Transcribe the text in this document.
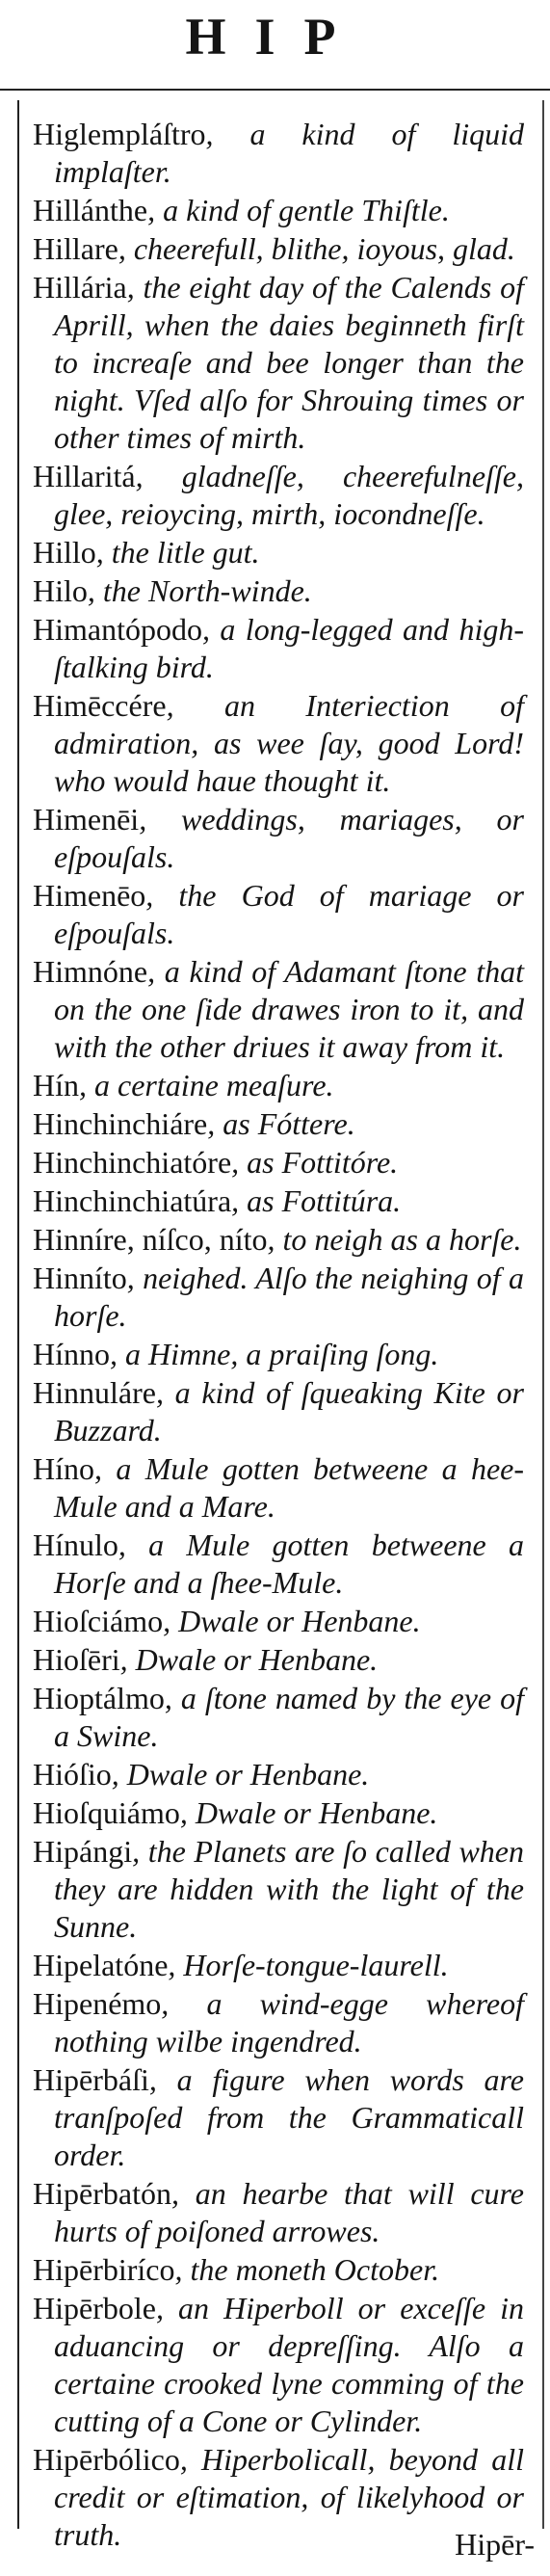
HIP
Higlempláſtro, a kind of liquid implaſter.
Hillánthe, a kind of gentle Thiſtle.
Hillare, cheerefull, blithe, ioyous, glad.
Hillária, the eight day of the Calends of Aprill, when the daies beginneth firſt to increaſe and bee longer than the night. Vſed alſo for Shrouing times or other times of mirth.
Hillaritá, gladneſſe, cheerefulneſſe, glee, reioycing, mirth, iocondneſſe.
Hillo, the litle gut.
Hilo, the North-winde.
Himantópodo, a long-legged and high-ſtalking bird.
Himēccére, an Interiection of admiration, as wee ſay, good Lord! who would haue thought it.
Himenēi, weddings, mariages, or eſpouſals.
Himenēo, the God of mariage or eſpouſals.
Himnóne, a kind of Adamant ſtone that on the one ſide drawes iron to it, and with the other driues it away from it.
Hín, a certaine meaſure.
Hinchinchiáre, as Fóttere.
Hinchinchiatóre, as Fottitóre.
Hinchinchiatúra, as Fottitúra.
Hinníre, níſco, níto, to neigh as a horſe.
Hinníto, neighed. Alſo the neighing of a horſe.
Hínno, a Himne, a praiſing ſong.
Hinnuláre, a kind of ſqueaking Kite or Buzzard.
Híno, a Mule gotten betweene a hee-Mule and a Mare.
Hínulo, a Mule gotten betweene a Horſe and a ſhee-Mule.
Hioſciámo, Dwale or Henbane.
Hioſēri, Dwale or Henbane.
Hioptálmo, a ſtone named by the eye of a Swine.
Hióſio, Dwale or Henbane.
Hioſquiámo, Dwale or Henbane.
Hipángi, the Planets are ſo called when they are hidden with the light of the Sunne.
Hipelatóne, Horſe-tongue-laurell.
Hipenémo, a wind-egge whereof nothing wilbe ingendred.
Hipērbáſi, a figure when words are tranſpoſed from the Grammaticall order.
Hipērbatón, an hearbe that will cure hurts of poiſoned arrowes.
Hipērbiríco, the moneth October.
Hipērbole, an Hiperboll or exceſſe in aduancing or depreſſing. Alſo a certaine crooked lyne comming of the cutting of a Cone or Cylinder.
Hipērbólico, Hiperbolicall, beyond all credit or eſtimation, of likelyhood or truth.	Hipēr-
